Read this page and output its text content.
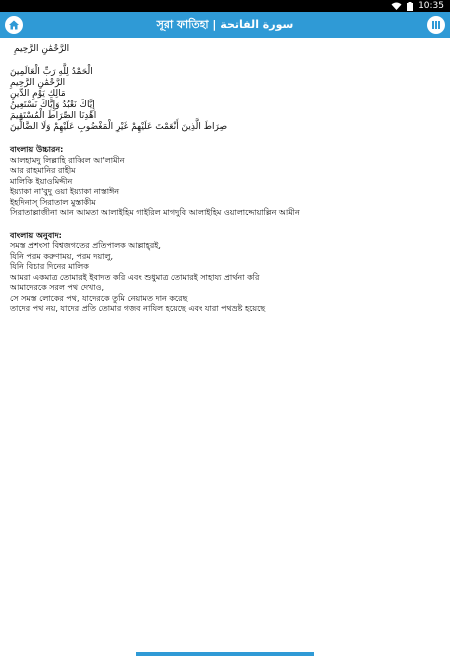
10:35
সূরা ফাতিহা | سورة الفاتحة
الرَّحْمَٰنِ الرَّحِيمِ
الْحَمْدُ لِلَّهِ رَبِّ الْعَالَمِينَ
الرَّحْمَٰنِ الرَّحِيمِ
مَالِكِ يَوْمِ الدِّينِ
إِيَّاكَ نَعْبُدُ وَإِيَّاكَ نَسْتَعِينُ
اهْدِنَا الصِّرَاطَ الْمُسْتَقِيمَ
صِرَاطَ الَّذِينَ أَنْعَمْتَ عَلَيْهِمْ غَيْرِ الْمَغْضُوبِ عَلَيْهِمْ وَلَا الضَّالِّينَ
বাংলায় উচ্চারন:
আলহামদু লিল্লাহি রাব্বিল আ'লামীন
আর রাহমানির রাহীম
মালিকি ইয়াওমিদ্দীন
ইয়্যাকা না'বুদু ওয়া ইয়্যাকা নাস্তাঈন
ইহদিনাস্ সিরাতাল মুস্তাকীম
সিরাতাল্লাজীনা আন আমতা আলাইহিম গাইরিল মাগদুবি আলাইহিম ওয়ালাদ্দোয়াল্লিন আমীন
বাংলায় অনুবাদ:
সমস্ত প্রশংসা বিশ্বজগতের প্রতিপালক আল্লাহ্‌রই,
যিনি পরম করুণাময়, পরম দয়ালু,
যিনি বিচার দিনের মালিক
আমরা একমাত্র তোমারই ইবাদত করি এবং শুধুমাত্র তোমারই সাহায্য প্রার্থনা করি
আমাদেরকে সরল পথ দেখাও,
সে সমস্ত লোকের পথ, যাদেরকে তুমি নেয়ামত দান করেছ
তাদের পথ নয়, যাদের প্রতি তোমার গজব নাযিল হয়েছে এবং যারা পথভ্রষ্ট হয়েছে
